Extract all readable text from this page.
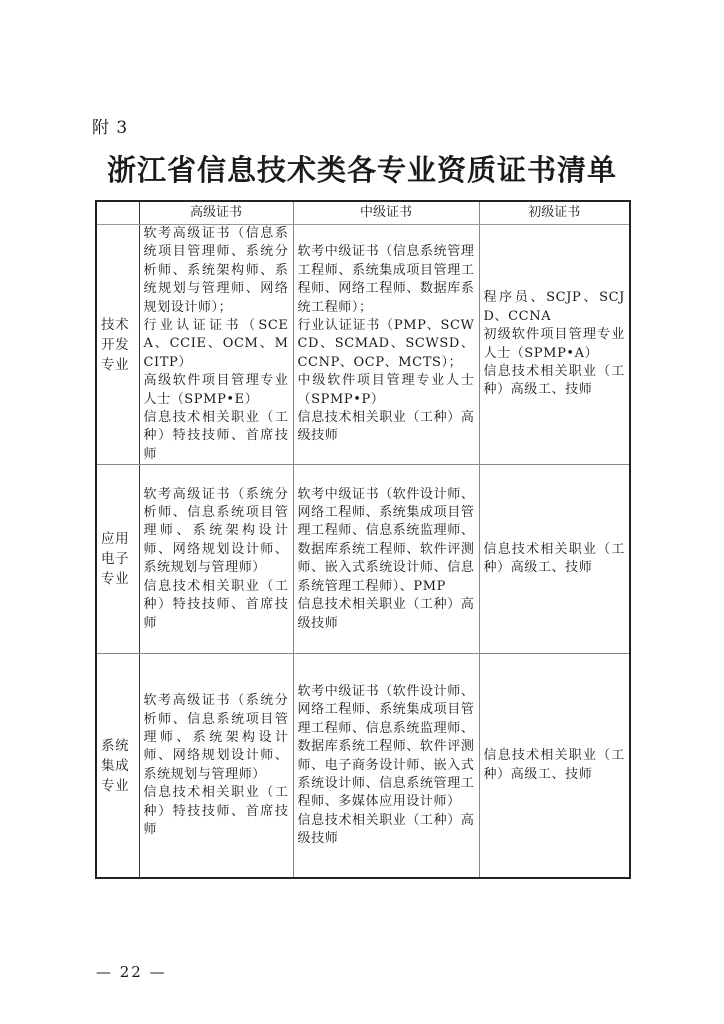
附 3
浙江省信息技术类各专业资质证书清单
	高级证书	中级证书	初级证书

技术
开发
专业	软考高级证书（信息系统项目管理师、系统分析师、系统架构师、系统规划与管理师、网络规划设计师）；
行业认证证书（SCEA、CCIE、OCM、MCITP）
高级软件项目管理专业人士（SPMP•E）
信息技术相关职业（工种）特技技师、首席技师	软考中级证书（信息系统管理工程师、系统集成项目管理工程师、网络工程师、数据库系统工程师）；
行业认证证书（PMP、SCWCD、SCMAD、SCWSD、CCNP、OCP、MCTS）；
中级软件项目管理专业人士（SPMP•P）
信息技术相关职业（工种）高级技师	程序员、SCJP、SCJD、CCNA
初级软件项目管理专业人士（SPMP•A）
信息技术相关职业（工种）高级工、技师

应用
电子
专业	软考高级证书（系统分析师、信息系统项目管理师、系统架构设计师、网络规划设计师、系统规划与管理师）
信息技术相关职业（工种）特技技师、首席技师	软考中级证书（软件设计师、网络工程师、系统集成项目管理工程师、信息系统监理师、数据库系统工程师、软件评测师、嵌入式系统设计师、信息系统管理工程师）、PMP
信息技术相关职业（工种）高级技师	信息技术相关职业（工种）高级工、技师

系统
集成
专业	软考高级证书（系统分析师、信息系统项目管理师、系统架构设计师、网络规划设计师、系统规划与管理师）
信息技术相关职业（工种）特技技师、首席技师	软考中级证书（软件设计师、网络工程师、系统集成项目管理工程师、信息系统监理师、数据库系统工程师、软件评测师、电子商务设计师、嵌入式系统设计师、信息系统管理工程师、多媒体应用设计师）
信息技术相关职业（工种）高级技师	信息技术相关职业（工种）高级工、技师
— 22 —
